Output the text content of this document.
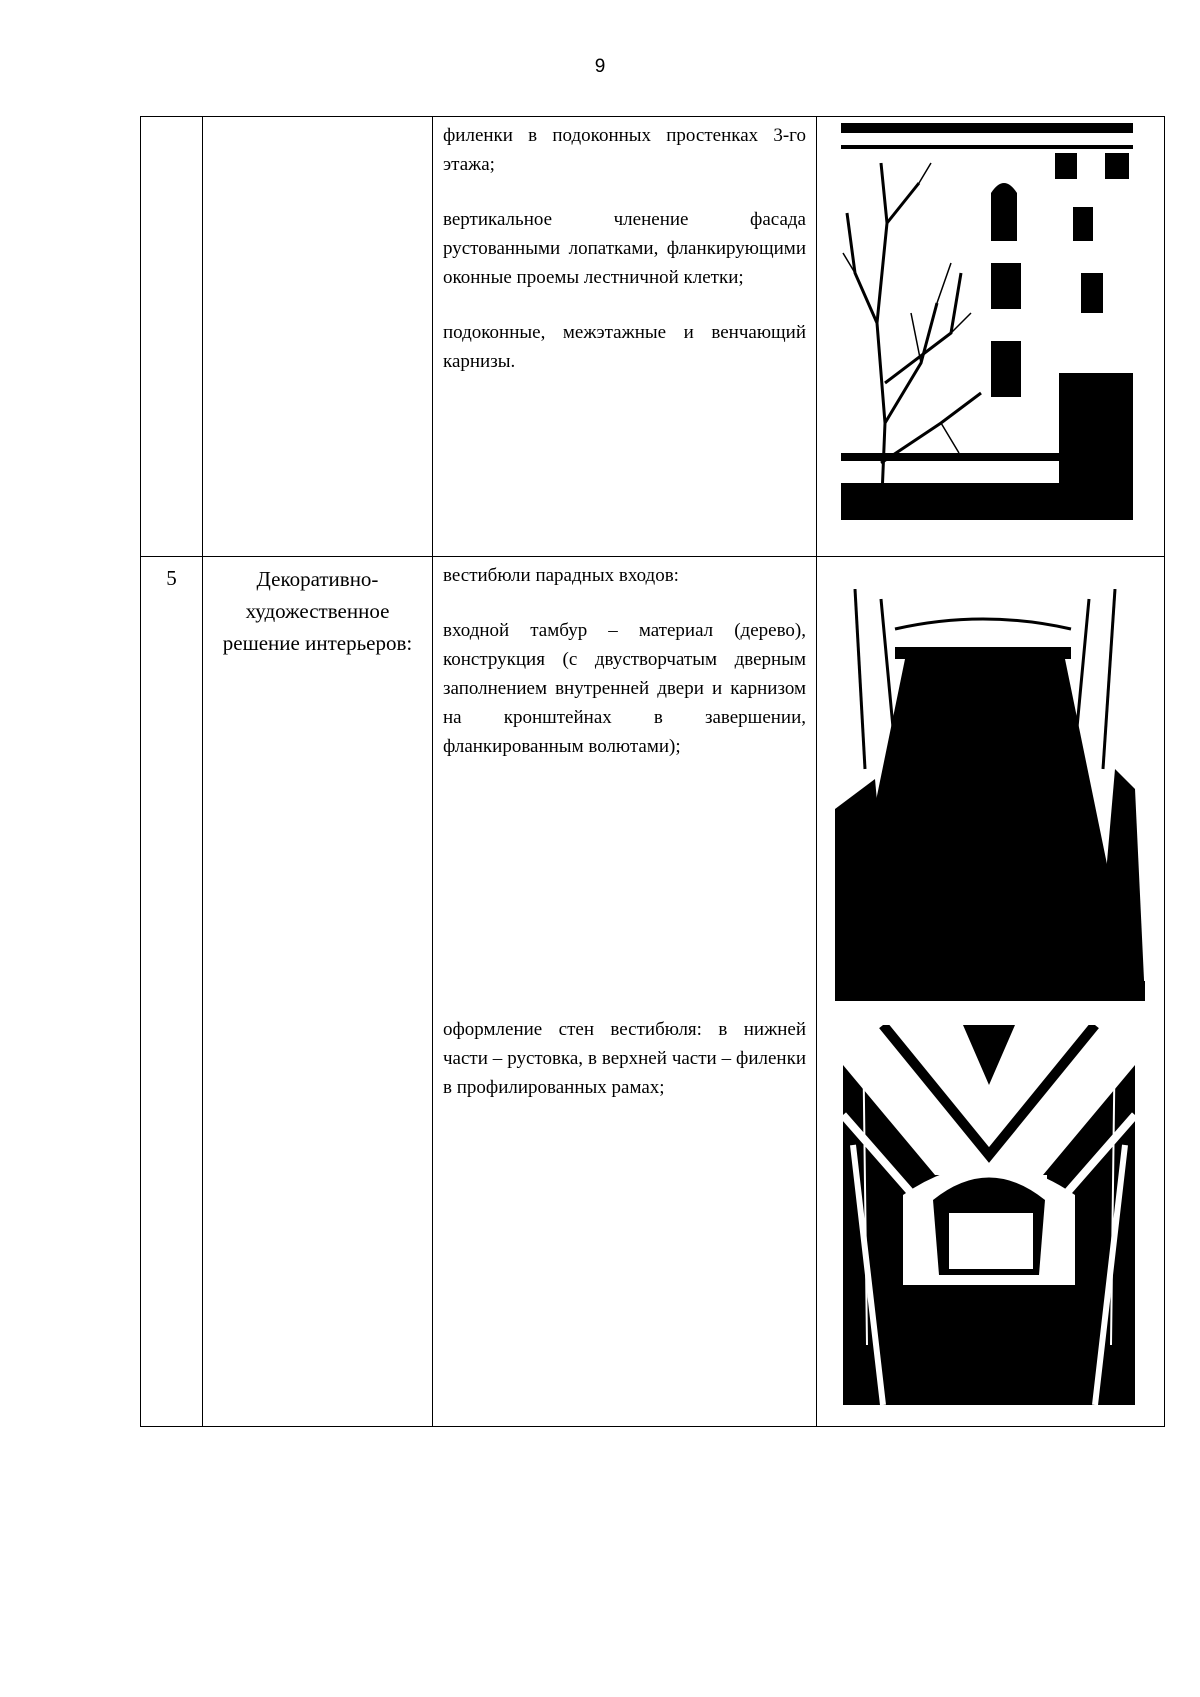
9

		филенки в подоконных простенках 3-го этажа;

вертикальное членение фасада рустованными лопатками, фланкирующими оконные проемы лестничной клетки;

подоконные, межэтажные и венчающий карнизы.

5	Декоративно-художественное решение интерьеров:	вестибюли парадных входов:

входной тамбур – материал (дерево), конструкция (с двустворчатым дверным заполнением внутренней двери и карнизом на кронштейнах в завершении, фланкированным волютами);

оформление стен вестибюля: в нижней части – рустовка, в верхней части – филенки в профилированных рамах;
